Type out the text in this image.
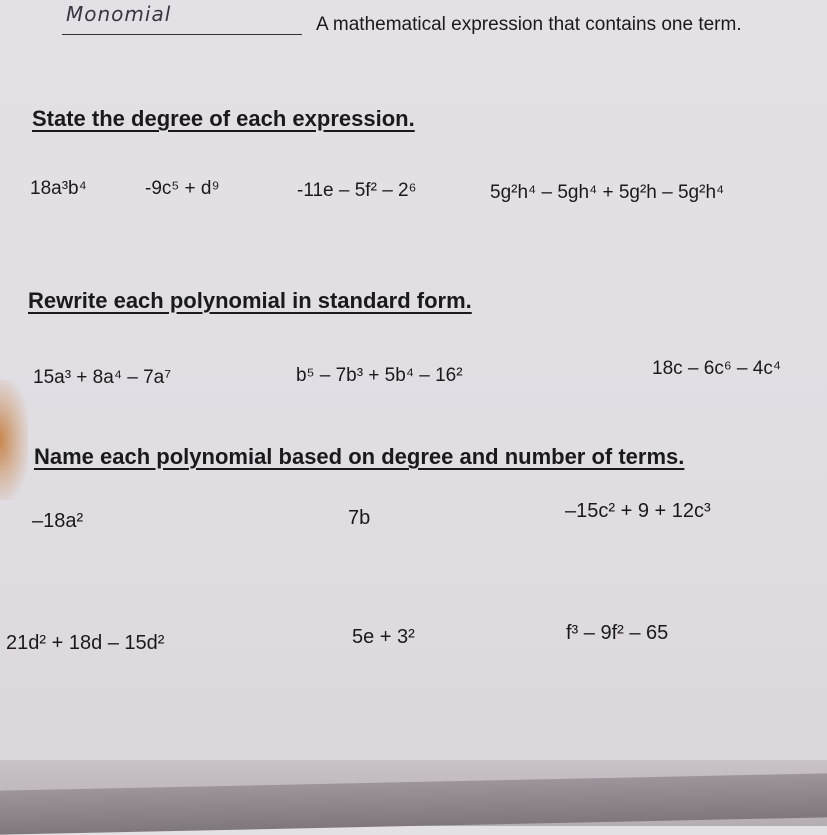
Monomial	A mathematical expression that contains one term.
State the degree of each expression.
18a³b⁴	-9c⁵ + d⁹	-11e – 5f² – 2⁶	5g²h⁴ – 5gh⁴ + 5g²h – 5g²h⁴
Rewrite each polynomial in standard form.
15a³ + 8a⁴ – 7a⁷	b⁵ – 7b³ + 5b⁴ – 16²	18c – 6c⁶ – 4c⁴
Name each polynomial based on degree and number of terms.
–18a²	7b	–15c² + 9 + 12c³
21d² + 18d – 15d²	5e + 3²	f³ – 9f² – 65
